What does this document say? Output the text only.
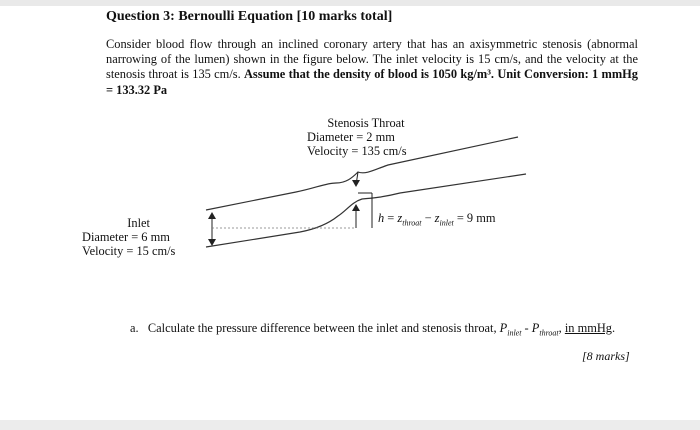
Question 3: Bernoulli Equation [10 marks total]
Consider blood flow through an inclined coronary artery that has an axisymmetric stenosis (abnormal narrowing of the lumen) shown in the figure below. The inlet velocity is 15 cm/s, and the velocity at the stenosis throat is 135 cm/s. Assume that the density of blood is 1050 kg/m³. Unit Conversion: 1 mmHg = 133.32 Pa
Stenosis Throat
Diameter = 2 mm
Velocity = 135 cm/s
Inlet
Diameter = 6 mm
Velocity = 15 cm/s
$h = z_{throat} - z_{inlet} = 9$ mm
a. Calculate the pressure difference between the inlet and stenosis throat, $P_{inlet} - P_{throat}$, in mmHg.
[8 marks]
